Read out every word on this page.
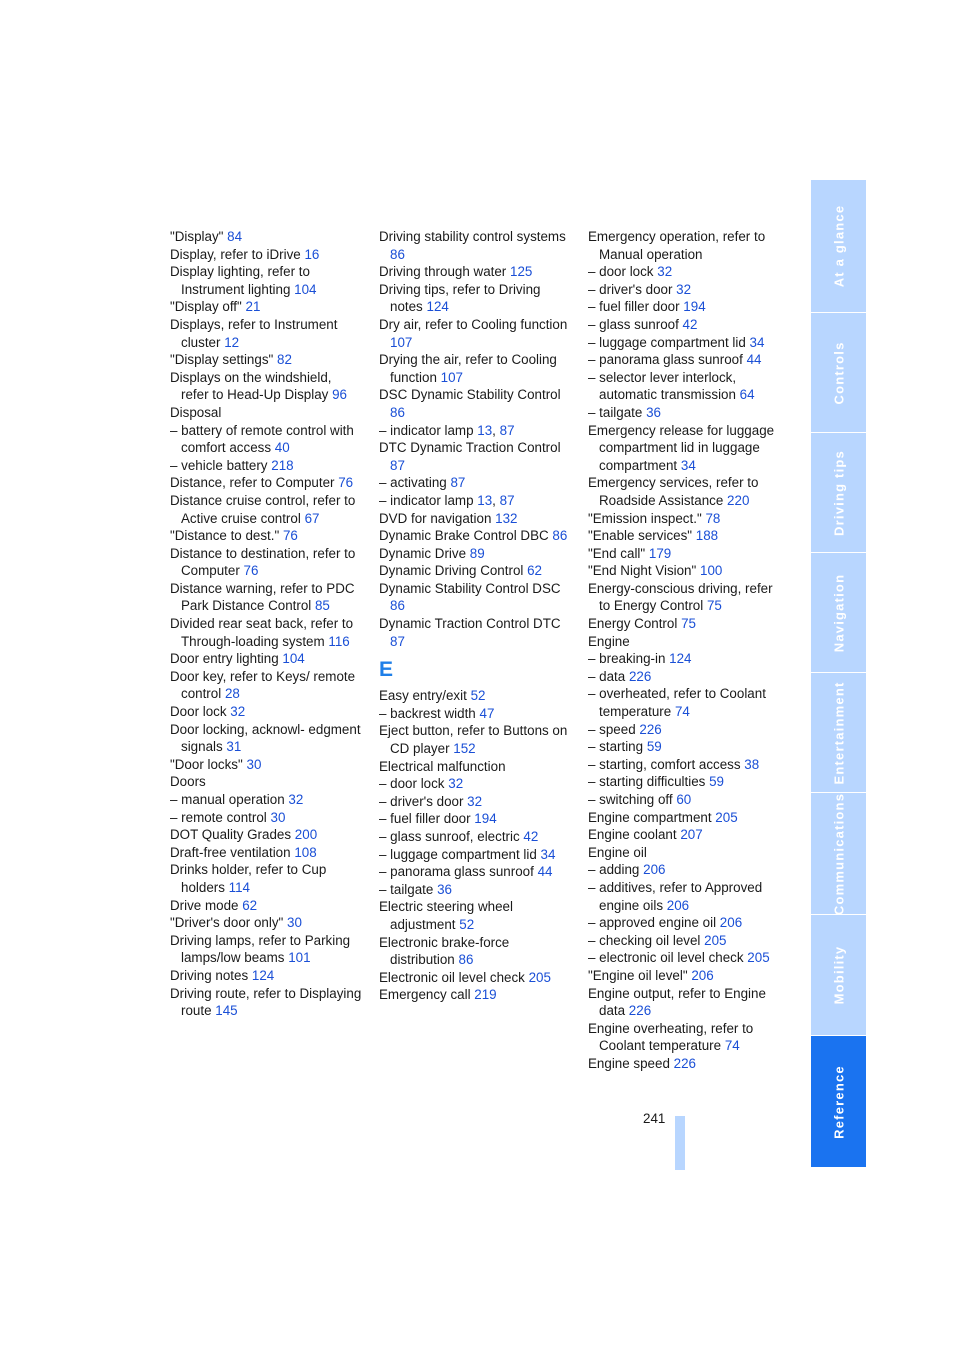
"Display" 84
Display, refer to iDrive 16
Display lighting, refer to Instrument lighting 104
"Display off" 21
Displays, refer to Instrument cluster 12
"Display settings" 82
Displays on the windshield, refer to Head-Up Display 96
Disposal
– battery of remote control with comfort access 40
– vehicle battery 218
Distance, refer to Computer 76
Distance cruise control, refer to Active cruise control 67
"Distance to dest." 76
Distance to destination, refer to Computer 76
Distance warning, refer to PDC Park Distance Control 85
Divided rear seat back, refer to Through-loading system 116
Door entry lighting 104
Door key, refer to Keys/ remote control 28
Door lock 32
Door locking, acknowl- edgment signals 31
"Door locks" 30
Doors
– manual operation 32
– remote control 30
DOT Quality Grades 200
Draft-free ventilation 108
Drinks holder, refer to Cup holders 114
Drive mode 62
"Driver's door only" 30
Driving lamps, refer to Parking lamps/low beams 101
Driving notes 124
Driving route, refer to Displaying route 145
Driving stability control systems 86
Driving through water 125
Driving tips, refer to Driving notes 124
Dry air, refer to Cooling function 107
Drying the air, refer to Cooling function 107
DSC Dynamic Stability Control 86
– indicator lamp 13, 87
DTC Dynamic Traction Control 87
– activating 87
– indicator lamp 13, 87
DVD for navigation 132
Dynamic Brake Control DBC 86
Dynamic Drive 89
Dynamic Driving Control 62
Dynamic Stability Control DSC 86
Dynamic Traction Control DTC 87
E
Easy entry/exit 52
– backrest width 47
Eject button, refer to Buttons on CD player 152
Electrical malfunction
– door lock 32
– driver's door 32
– fuel filler door 194
– glass sunroof, electric 42
– luggage compartment lid 34
– panorama glass sunroof 44
– tailgate 36
Electric steering wheel adjustment 52
Electronic brake-force distribution 86
Electronic oil level check 205
Emergency call 219
Emergency operation, refer to Manual operation
– door lock 32
– driver's door 32
– fuel filler door 194
– glass sunroof 42
– luggage compartment lid 34
– panorama glass sunroof 44
– selector lever interlock, automatic transmission 64
– tailgate 36
Emergency release for luggage compartment lid in luggage compartment 34
Emergency services, refer to Roadside Assistance 220
"Emission inspect." 78
"Enable services" 188
"End call" 179
"End Night Vision" 100
Energy-conscious driving, refer to Energy Control 75
Energy Control 75
Engine
– breaking-in 124
– data 226
– overheated, refer to Coolant temperature 74
– speed 226
– starting 59
– starting, comfort access 38
– starting difficulties 59
– switching off 60
Engine compartment 205
Engine coolant 207
Engine oil
– adding 206
– additives, refer to Approved engine oils 206
– approved engine oil 206
– checking oil level 205
– electronic oil level check 205
"Engine oil level" 206
Engine output, refer to Engine data 226
Engine overheating, refer to Coolant temperature 74
Engine speed 226
At a glance
Controls
Driving tips
Navigation
Entertainment
Communications
Mobility
Reference
241
